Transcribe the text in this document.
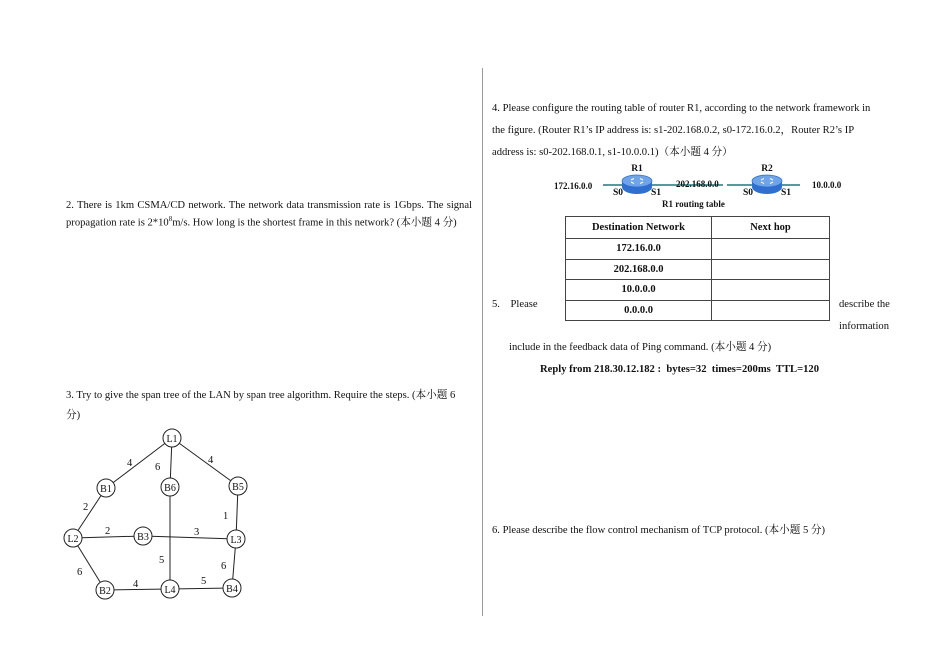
2. There is 1km CSMA/CD network. The network data transmission rate is 1Gbps. The signal propagation rate is $2*10^8m/s$. How long is the shortest frame in this network? (本小题 4 分)
3. Try to give the span tree of the LAN by span tree algorithm. Require the steps. (本小题 6 分)
4 6
4
2
2	3
1
5
6
4	5
6
L1
B1	B6	B5
L2	B3	L3
B2	L4	B4
4. Please configure the routing table of router R1, according to the network framework in
the figure. (Router R1’s IP address is: s1-202.168.0.2, s0-172.16.0.2，Router R2’s IP
address is: s0-202.168.0.1, s1-10.0.0.1)（本小题 4 分）
R1	R2
S0	S1	S0	S1
172.16.0.0	202.168.0.0	10.0.0.0
R1 routing table
Destination Network	Next hop
172.16.0.0	
202.168.0.0	
10.0.0.0	
0.0.0.0	
5.    Please	describe the
information
include in the feedback data of Ping command. (本小题 4 分)
Reply from 218.30.12.182 :  bytes=32  times=200ms  TTL=120
6. Please describe the flow control mechanism of TCP protocol. (本小题 5 分)
